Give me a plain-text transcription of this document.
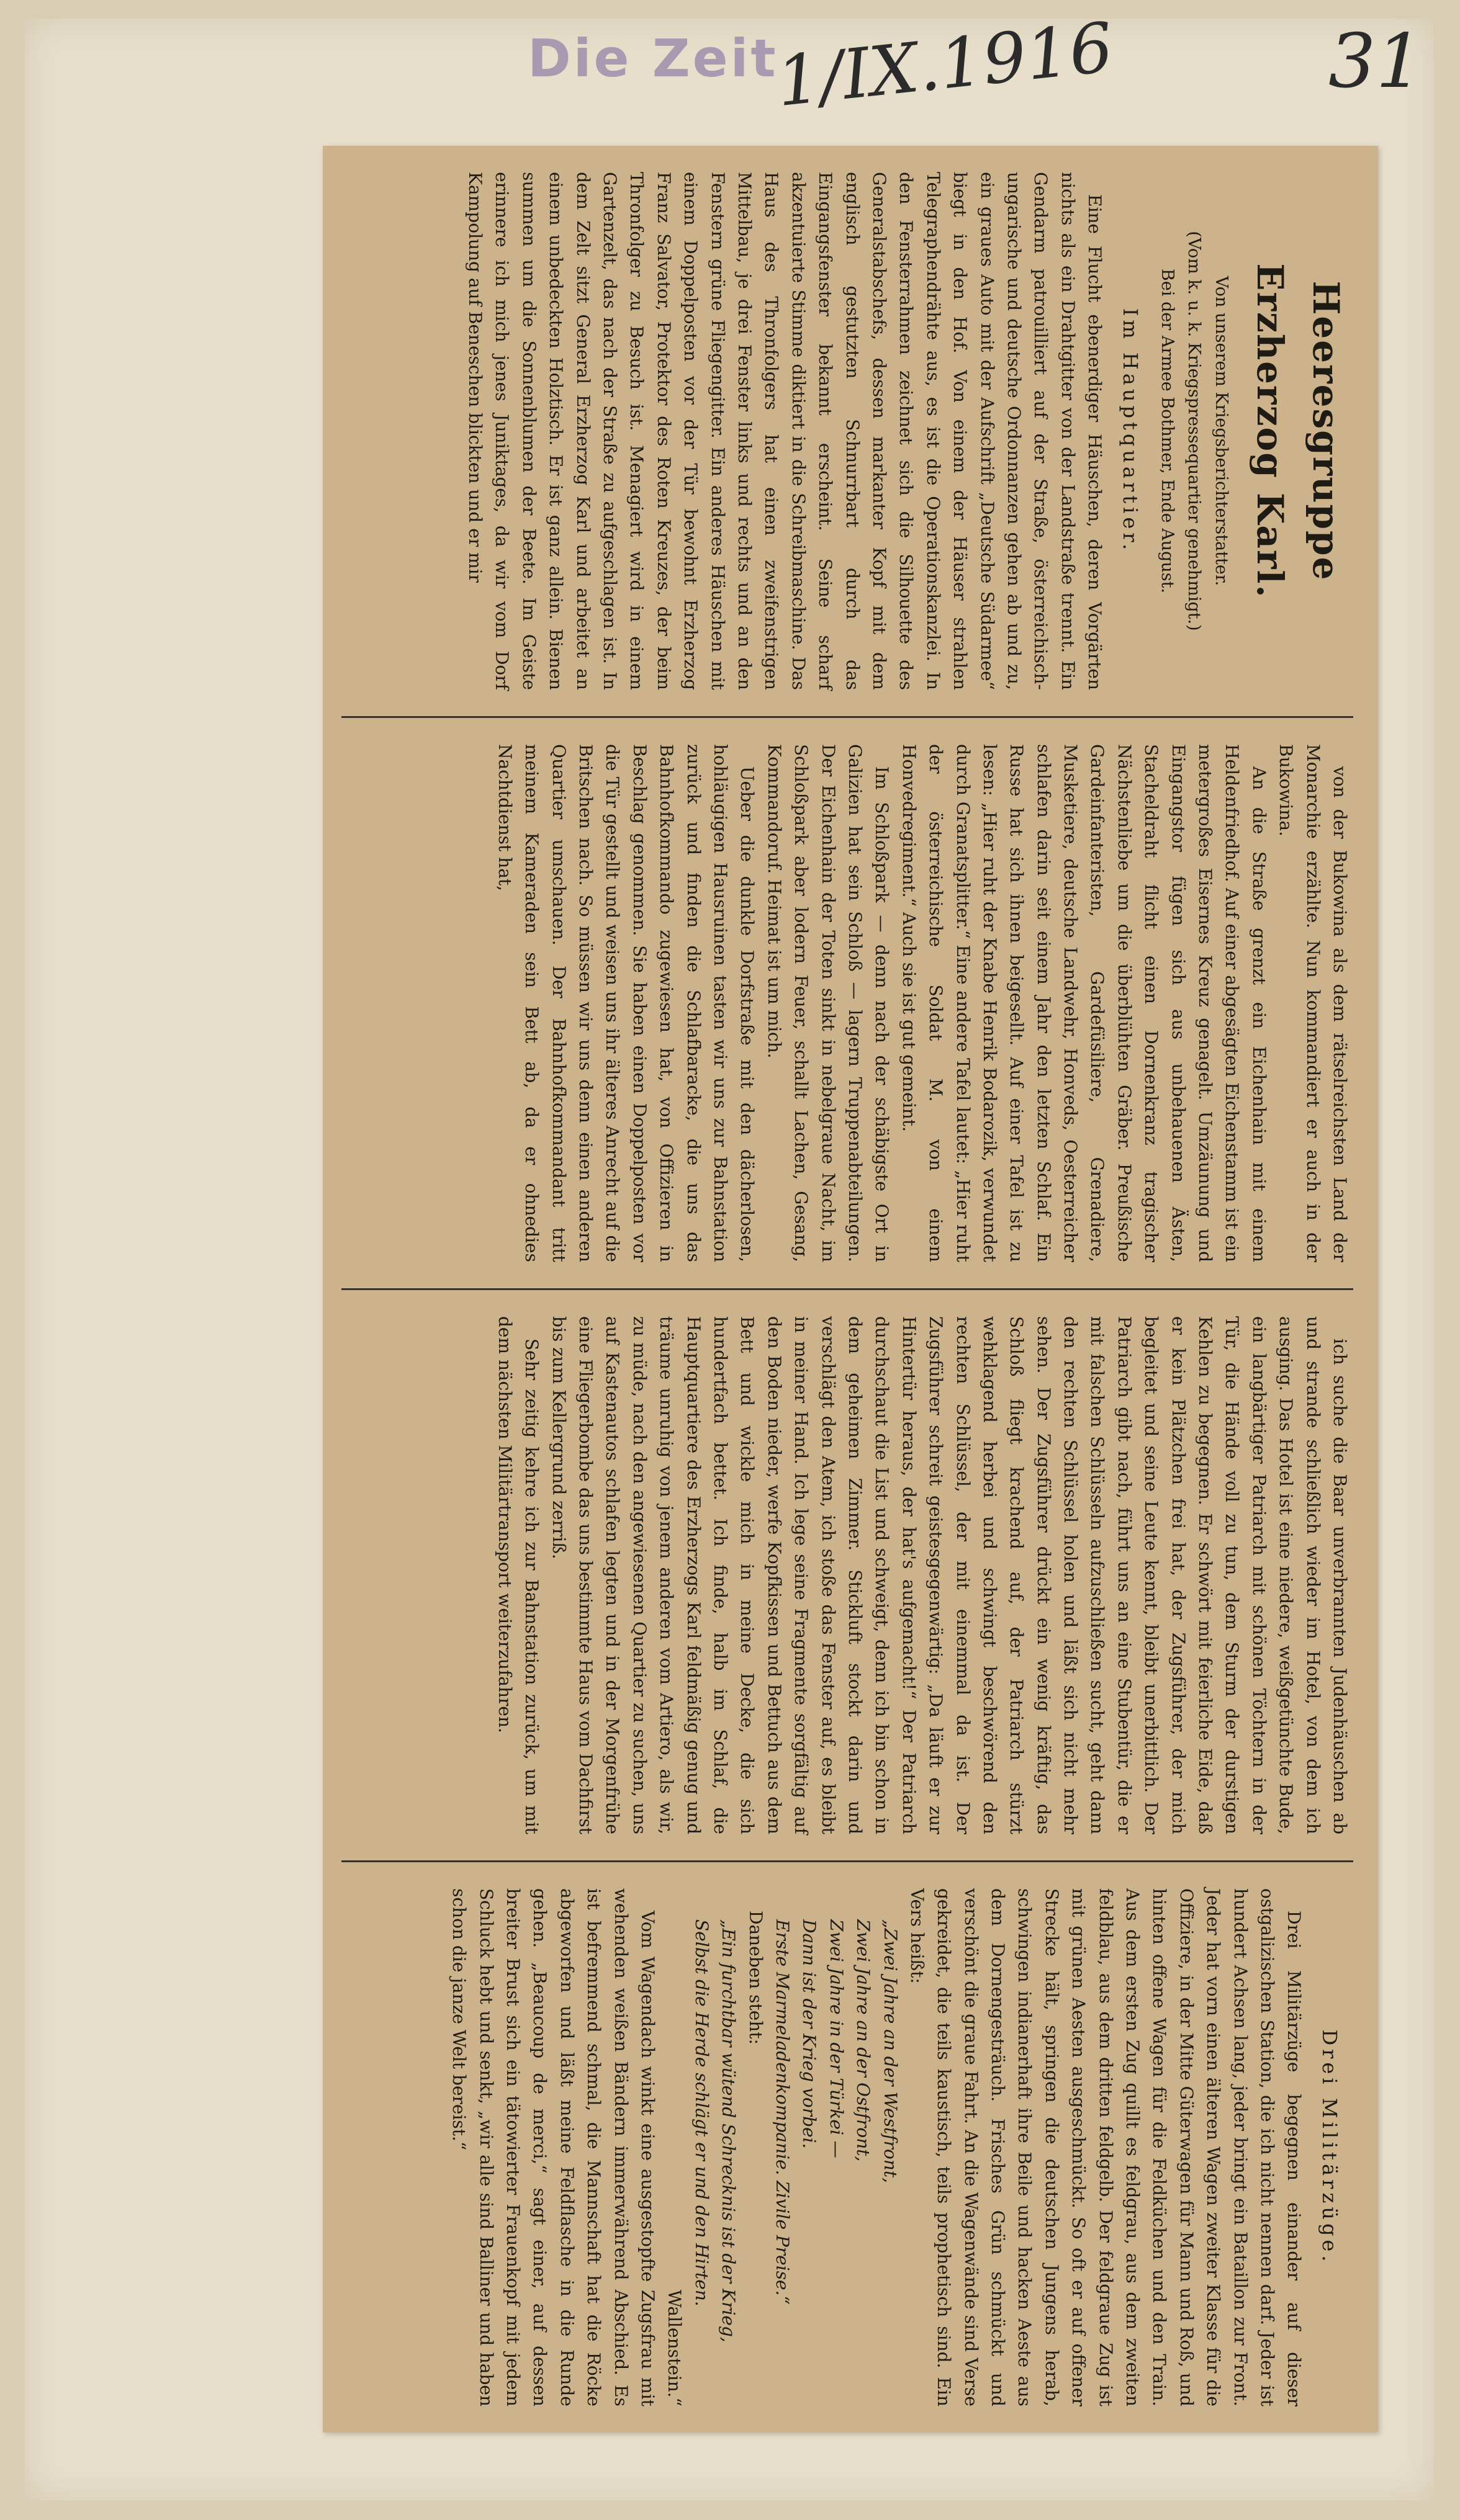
Die Zeit
1/IX.1916	31
Heeresgruppe Erzherzog Karl.
Von unserem Kriegsberichterstatter.
(Vom k. u. k. Kriegspressequartier genehmigt.)
Bei der Armee Bothmer, Ende August.
Im Hauptquartier.

Eine Flucht ebenerdiger Häuschen, deren Vorgärten nichts als ein Drahtgitter von der Landstraße trennt. Ein Gendarm patrouilliert auf der Straße, österreichisch-ungarische und deutsche Ordonnanzen gehen ab und zu, ein graues Auto mit der Aufschrift „Deutsche Südarmee“ biegt in den Hof. Von einem der Häuser strahlen Telegraphendrähte aus, es ist die Operationskanzlei. In den Fensterrahmen zeichnet sich die Silhouette des Generalstabschefs, dessen markanter Kopf mit dem englisch gestutzten Schnurrbart durch das Eingangsfenster bekannt erscheint. Seine scharf akzentuierte Stimme diktiert in die Schreibmaschine. Das Haus des Thronfolgers hat einen zweifenstrigen Mittelbau, je drei Fenster links und rechts und an den Fenstern grüne Fliegengitter. Ein anderes Häuschen mit einem Doppelposten vor der Tür bewohnt Erzherzog Franz Salvator, Protektor des Roten Kreuzes, der beim Thronfolger zu Besuch ist. Menagiert wird in einem Gartenzelt, das nach der Straße zu aufgeschlagen ist. In dem Zelt sitzt General Erzherzog Karl und arbeitet an einem unbedeckten Holztisch. Er ist ganz allein. Bienen summen um die Sonnenblumen der Beete. Im Geiste erinnere ich mich jenes Juniktages, da wir vom Dorf Kampolung auf Beneschen blickten und er mir

von der Bukowina als dem rätselreichsten Land der Monarchie erzählte. Nun kommandiert er auch in der Bukowina.

An die Straße grenzt ein Eichenhain mit einem Heldenfriedhof. Auf einer abgesägten Eichenstamm ist ein metergroßes Eisernes Kreuz genagelt. Umzäunung und Eingangstor fügen sich aus unbehauenen Ästen, Stacheldraht flicht einen Dornenkranz tragischer Nächstenliebe um die überblühten Gräber. Preußische Gardeinfanteristen, Gardefüsiliere, Grenadiere, Musketiere, deutsche Landwehr, Honveds, Oesterreicher schlafen darin seit einem Jahr den letzten Schlaf. Ein Russe hat sich ihnen beigesellt. Auf einer Tafel ist zu lesen: „Hier ruht der Knabe Henrik Bodarozik, verwundet durch Granatsplitter.“ Eine andere Tafel lautet: „Hier ruht der österreichische Soldat M. von einem Honvedregiment.“ Auch sie ist gut gemeint.

Im Schloßpark — denn nach der schäbigste Ort in Galizien hat sein Schloß — lagern Truppenabteilungen. Der Eichenhain der Toten sinkt in nebelgraue Nacht, im Schloßpark aber lodern Feuer, schallt Lachen, Gesang, Kommandoruf. Heimat ist um mich.

Ueber die dunkle Dorfstraße mit den dächerlosen, hohläugigen Hausruinen tasten wir uns zur Bahnstation zurück und finden die Schlafbaracke, die uns das Bahnhofkommando zugewiesen hat, von Offizieren in Beschlag genommen. Sie haben einen Doppelposten vor die Tür gestellt und weisen uns ihr älteres Anrecht auf die Britschen nach. So müssen wir uns denn einen anderen Quartier umschauen. Der Bahnhofkommandant tritt meinem Kameraden sein Bett ab, da er ohnedies Nachtdienst hat,

ich suche die Baar unverbrannten Judenhäuschen ab und strande schließlich wieder im Hotel, von dem ich ausging. Das Hotel ist eine niedere, weißgetünchte Bude, ein langbärtiger Patriarch mit schönen Töchtern in der Tür, die Hände voll zu tun, dem Sturm der durstigen Kehlen zu begegnen. Er schwört mit feierliche Eide, daß er kein Plätzchen frei hat, der Zugsführer, der mich begleitet und seine Leute kennt, bleibt unerbittlich. Der Patriarch gibt nach, führt uns an eine Stubentür, die er mit falschen Schlüsseln aufzuschließen sucht, geht dann den rechten Schlüssel holen und läßt sich nicht mehr sehen. Der Zugsführer drückt ein wenig kräftig, das Schloß fliegt krachend auf, der Patriarch stürzt wehklagend herbei und schwingt beschwörend den rechten Schlüssel, der mit einemmal da ist. Der Zugsführer schreit geistesgegenwärtig: „Da läuft er zur Hintertür heraus, der hat's aufgemacht!“ Der Patriarch durchschaut die List und schweigt, denn ich bin schon in dem geheimen Zimmer. Stickluft stockt darin und verschlägt den Atem, ich stoße das Fenster auf, es bleibt in meiner Hand. Ich lege seine Fragmente sorgfältig auf den Boden nieder, werfe Kopfkissen und Bettuch aus dem Bett und wickle mich in meine Decke, die sich hundertfach bettet. Ich finde, halb im Schlaf, die Hauptquartiere des Erzherzogs Karl feldmäßig genug und träume unruhig von jenem anderen vom Artiero, als wir, zu müde, nach den angewiesenen Quartier zu suchen, uns auf Kastenautos schlafen legten und in der Morgenfrühe eine Fliegerbombe das uns bestimmte Haus vom Dachfirst bis zum Kellergrund zerriß.

Sehr zeitig kehre ich zur Bahnstation zurück, um mit dem nächsten Militärtransport weiterzufahren.

Drei Militärzüge.

Drei Militärzüge begegnen einander auf dieser ostgalizischen Station, die ich nicht nennen darf. Jeder ist hundert Achsen lang, jeder bringt ein Bataillon zur Front. Jeder hat vorn einen älteren Wagen zweiter Klasse für die Offiziere, in der Mitte Güterwagen für Mann und Roß, und hinten offene Wagen für die Feldküchen und den Train. Aus dem ersten Zug quillt es feldgrau, aus dem zweiten feldblau, aus dem dritten feldgelb. Der feldgraue Zug ist mit grünen Aesten ausgeschmückt. So oft er auf offener Strecke hält, springen die deutschen Jungens herab, schwingen indianerhaft ihre Beile und hacken Aeste aus dem Dornengesträuch. Frisches Grün schmückt und verschönt die graue Fahrt. An die Wagenwände sind Verse gekreidet, die teils kaustisch, teils prophetisch sind. Ein Vers heißt:

„Zwei Jahre an der Westfront,

Zwei Jahre an der Ostfront,

Zwei Jahre in der Türkei —

Dann ist der Krieg vorbei.

Erste Marmeladenkompanie. Zivile Preise.“

Daneben steht:

„Ein furchtbar wütend Schrecknis ist der Krieg,

Selbst die Herde schlägt er und den Hirten.

Wallenstein.“

Vom Wagendach winkt eine ausgestopfte Zugsfrau mit wehenden weißen Bändern immerwährend Abschied. Es ist befremmend schmal, die Mannschaft hat die Röcke abgeworfen und läßt meine Feldflasche in die Runde gehen. „Beaucoup de merci,“ sagt einer, auf dessen breiter Brust sich ein tätowierter Frauenkopf mit jedem Schluck hebt und senkt, „wir alle sind Balliner und haben schon die janze Welt bereist.“
